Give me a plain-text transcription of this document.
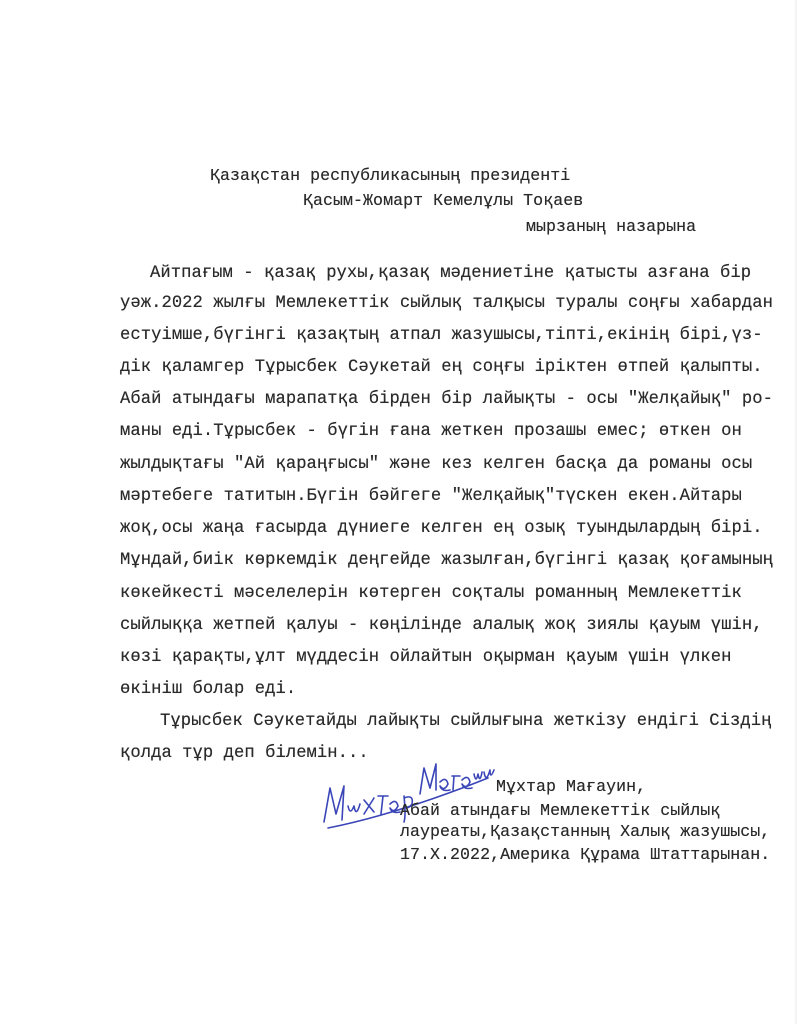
Қазақстан республикасының президенті
Қасым-Жомарт Кемелұлы Тоқаев
мырзаның назарына
Айтпағым - қазақ рухы,қазақ мәдениетіне қатысты азғана бір
уәж.2022 жылғы Мемлекеттік сыйлық талқысы туралы соңғы хабардан
естуімше,бүгінгі қазақтың атпал жазушысы,тіпті,екінің бірі,үз-
дік қаламгер Тұрысбек Сәукетай ең соңғы іріктен өтпей қалыпты.
Абай атындағы марапатқа бірден бір лайықты - осы "Желқайық" ро-
маны еді.Тұрысбек - бүгін ғана жеткен прозашы емес; өткен он
жылдықтағы "Ай қараңғысы" және кез келген басқа да романы осы
мәртебеге татитын.Бүгін бәйгеге "Желқайық"түскен екен.Айтары
жоқ,осы жаңа ғасырда дүниеге келген ең озық туындылардың бірі.
Мұндай,биік көркемдік деңгейде жазылған,бүгінгі қазақ қоғамының
көкейкесті мәселелерін көтерген соқталы романның Мемлекеттік
сыйлыққа жетпей қалуы - көңілінде алалық жоқ зиялы қауым үшін,
көзі қарақты,ұлт мүддесін ойлайтын оқырман қауым үшін үлкен
өкініш болар еді.
Тұрысбек Сәукетайды лайықты сыйлығына жеткізу ендігі Сіздің
қолда тұр деп білемін...
Мұхтар Мағауин,
Абай атындағы Мемлекеттік сыйлық
лауреаты,Қазақстанның Халық жазушысы,
17.X.2022,Америка Құрама Штаттарынан.
